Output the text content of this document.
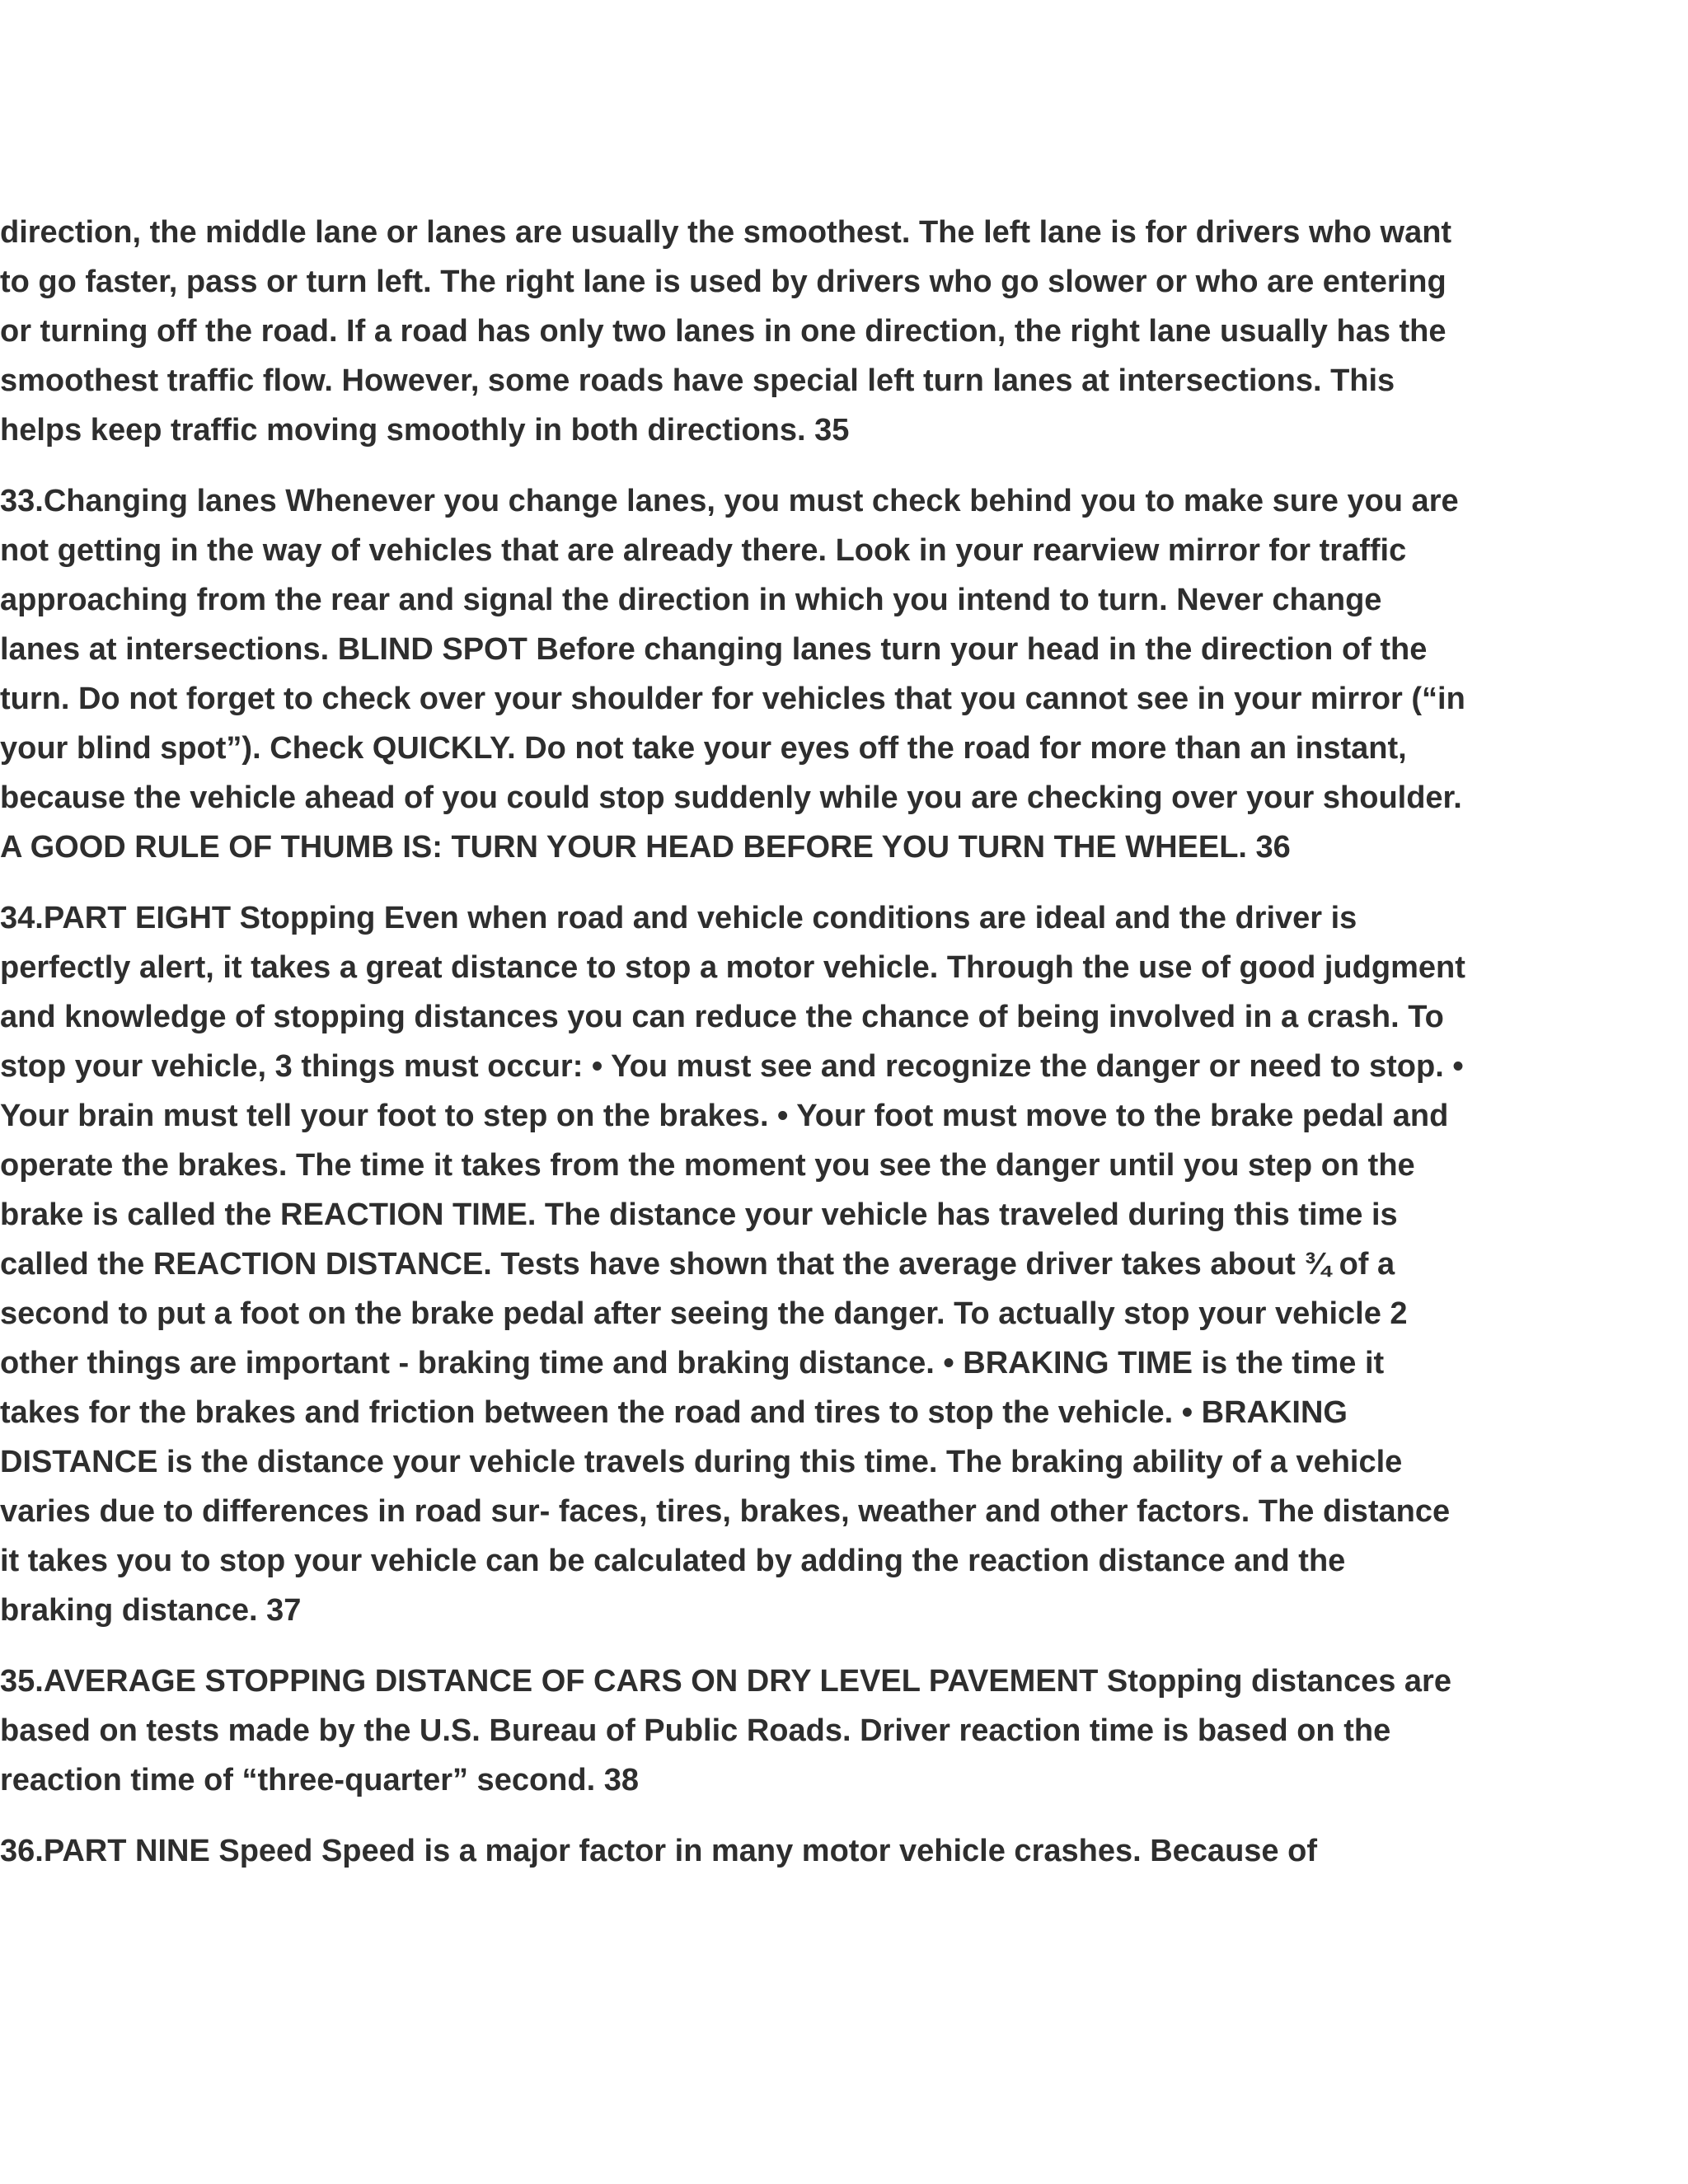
direction, the middle lane or lanes are usually the smoothest. The left lane is for drivers who want to go faster, pass or turn left. The right lane is used by drivers who go slower or who are entering or turning off the road. If a road has only two lanes in one direction, the right lane usually has the smoothest traffic flow. However, some roads have special left turn lanes at intersections. This helps keep traffic moving smoothly in both directions. 35

33.Changing lanes Whenever you change lanes, you must check behind you to make sure you are not getting in the way of vehicles that are already there. Look in your rearview mirror for traffic approaching from the rear and signal the direction in which you intend to turn. Never change lanes at intersections. BLIND SPOT Before changing lanes turn your head in the direction of the turn. Do not forget to check over your shoulder for vehicles that you cannot see in your mirror (“in your blind spot”). Check QUICKLY. Do not take your eyes off the road for more than an instant, because the vehicle ahead of you could stop suddenly while you are checking over your shoulder. A GOOD RULE OF THUMB IS: TURN YOUR HEAD BEFORE YOU TURN THE WHEEL. 36

34.PART EIGHT Stopping Even when road and vehicle conditions are ideal and the driver is perfectly alert, it takes a great distance to stop a motor vehicle. Through the use of good judgment and knowledge of stopping distances you can reduce the chance of being involved in a crash. To stop your vehicle, 3 things must occur: • You must see and recognize the danger or need to stop. • Your brain must tell your foot to step on the brakes. • Your foot must move to the brake pedal and operate the brakes. The time it takes from the moment you see the danger until you step on the brake is called the REACTION TIME. The distance your vehicle has traveled during this time is called the REACTION DISTANCE. Tests have shown that the average driver takes about ¾ of a second to put a foot on the brake pedal after seeing the danger. To actually stop your vehicle 2 other things are important - braking time and braking distance. • BRAKING TIME is the time it takes for the brakes and friction between the road and tires to stop the vehicle. • BRAKING DISTANCE is the distance your vehicle travels during this time. The braking ability of a vehicle varies due to differences in road sur- faces, tires, brakes, weather and other factors. The distance it takes you to stop your vehicle can be calculated by adding the reaction distance and the braking distance. 37

35.AVERAGE STOPPING DISTANCE OF CARS ON DRY LEVEL PAVEMENT Stopping distances are based on tests made by the U.S. Bureau of Public Roads. Driver reaction time is based on the reaction time of “three-quarter” second. 38

36.PART NINE Speed Speed is a major factor in many motor vehicle crashes. Because of
